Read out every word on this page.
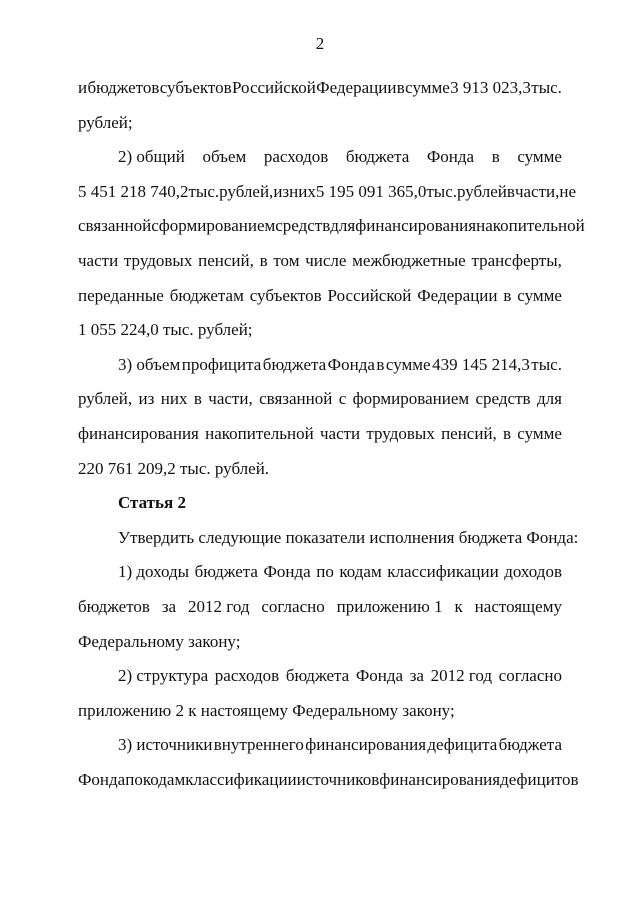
2
и бюджетов субъектов Российской Федерации в сумме 3 913 023,3 тыс.
рублей;
2) общий объем расходов бюджета Фонда в сумме
5 451 218 740,2 тыс. рублей, из них 5 195 091 365,0 тыс. рублей в части, не
связанной с формированием средств для финансирования накопительной
части трудовых пенсий, в том числе межбюджетные трансферты,
переданные бюджетам субъектов Российской Федерации в сумме
1 055 224,0 тыс. рублей;
3) объем профицита бюджета Фонда в сумме 439 145 214,3 тыс.
рублей, из них в части, связанной с формированием средств для
финансирования накопительной части трудовых пенсий, в сумме
220 761 209,2 тыс. рублей.
Статья 2
Утвердить следующие показатели исполнения бюджета Фонда:
1) доходы бюджета Фонда по кодам классификации доходов
бюджетов за 2012 год согласно приложению 1 к настоящему
Федеральному закону;
2) структура расходов бюджета Фонда за 2012 год согласно
приложению 2 к настоящему Федеральному закону;
3) источники внутреннего финансирования дефицита бюджета
Фонда по кодам классификации источников финансирования дефицитов
